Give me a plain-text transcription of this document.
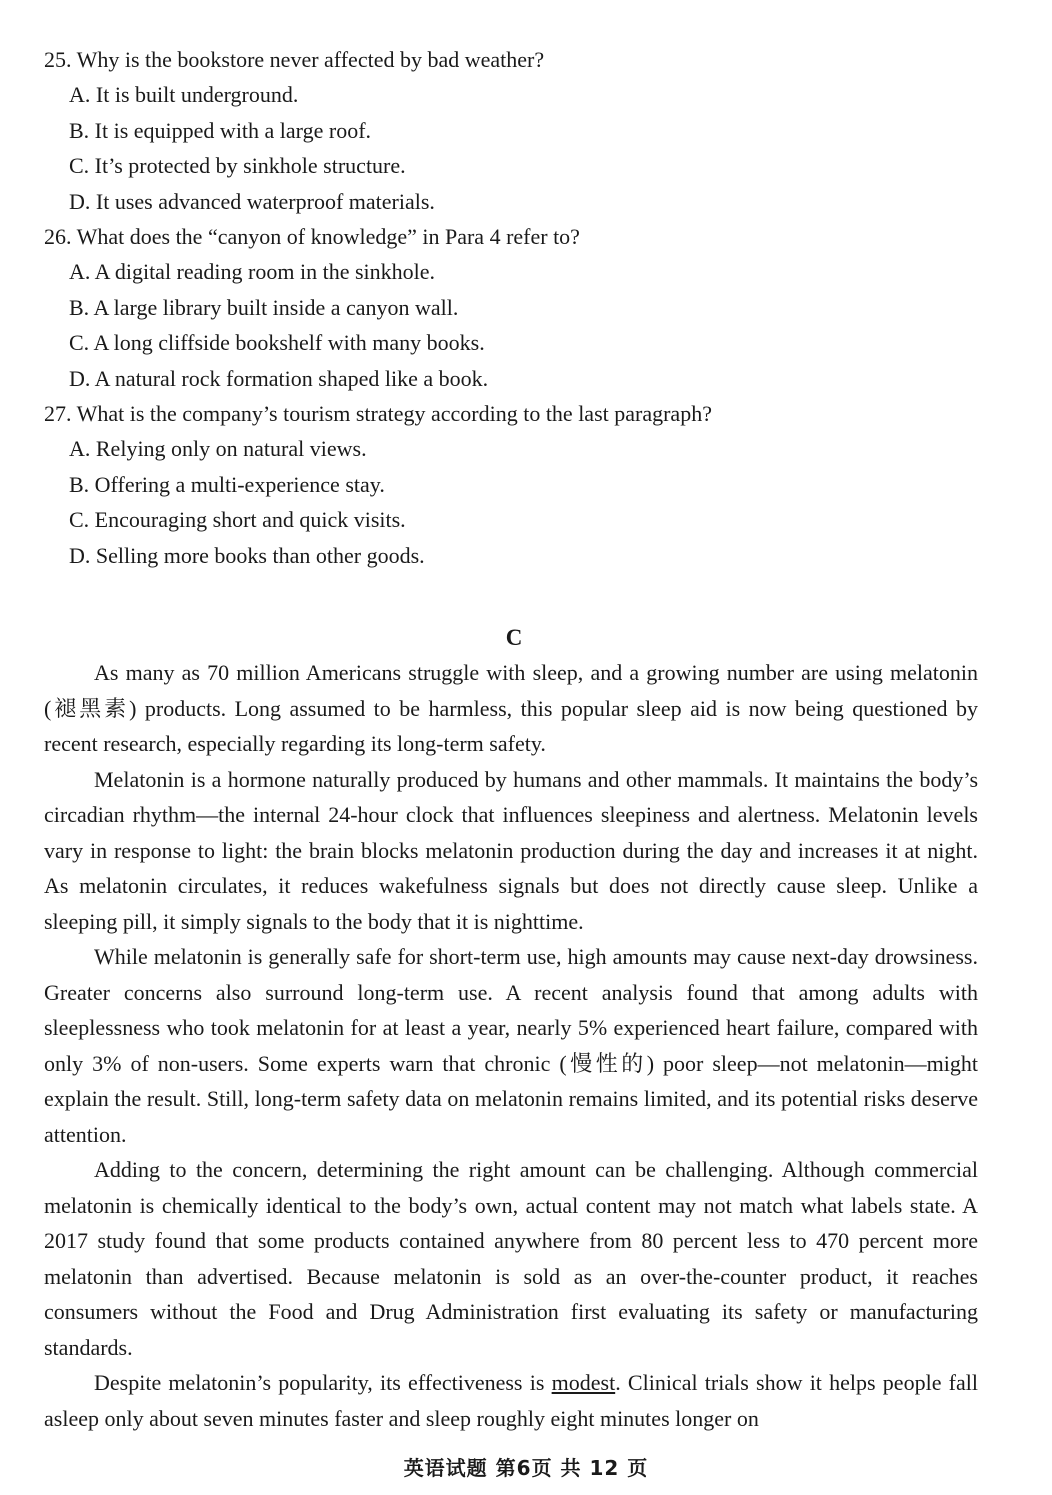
25. Why is the bookstore never affected by bad weather?

A. It is built underground.

B. It is equipped with a large roof.

C. It’s protected by sinkhole structure.

D. It uses advanced waterproof materials.

26. What does the “canyon of knowledge” in Para 4 refer to?

A. A digital reading room in the sinkhole.

B. A large library built inside a canyon wall.

C. A long cliffside bookshelf with many books.

D. A natural rock formation shaped like a book.

27. What is the company’s tourism strategy according to the last paragraph?

A. Relying only on natural views.

B. Offering a multi-experience stay.

C. Encouraging short and quick visits.

D. Selling more books than other goods.

C

As many as 70 million Americans struggle with sleep, and a growing number are using melatonin (褪黑素) products. Long assumed to be harmless, this popular sleep aid is now being questioned by recent research, especially regarding its long-term safety.

Melatonin is a hormone naturally produced by humans and other mammals. It maintains the body’s circadian rhythm—the internal 24-hour clock that influences sleepiness and alertness. Melatonin levels vary in response to light: the brain blocks melatonin production during the day and increases it at night. As melatonin circulates, it reduces wakefulness signals but does not directly cause sleep. Unlike a sleeping pill, it simply signals to the body that it is nighttime.

While melatonin is generally safe for short-term use, high amounts may cause next-day drowsiness. Greater concerns also surround long-term use. A recent analysis found that among adults with sleeplessness who took melatonin for at least a year, nearly 5% experienced heart failure, compared with only 3% of non-users. Some experts warn that chronic (慢性的) poor sleep—not melatonin—might explain the result. Still, long-term safety data on melatonin remains limited, and its potential risks deserve attention.

Adding to the concern, determining the right amount can be challenging. Although commercial melatonin is chemically identical to the body’s own, actual content may not match what labels state. A 2017 study found that some products contained anywhere from 80 percent less to 470 percent more melatonin than advertised. Because melatonin is sold as an over-the-counter product, it reaches consumers without the Food and Drug Administration first evaluating its safety or manufacturing standards.

Despite melatonin’s popularity, its effectiveness is modest. Clinical trials show it helps people fall asleep only about seven minutes faster and sleep roughly eight minutes longer on

英语试题 第6页 共 12 页
